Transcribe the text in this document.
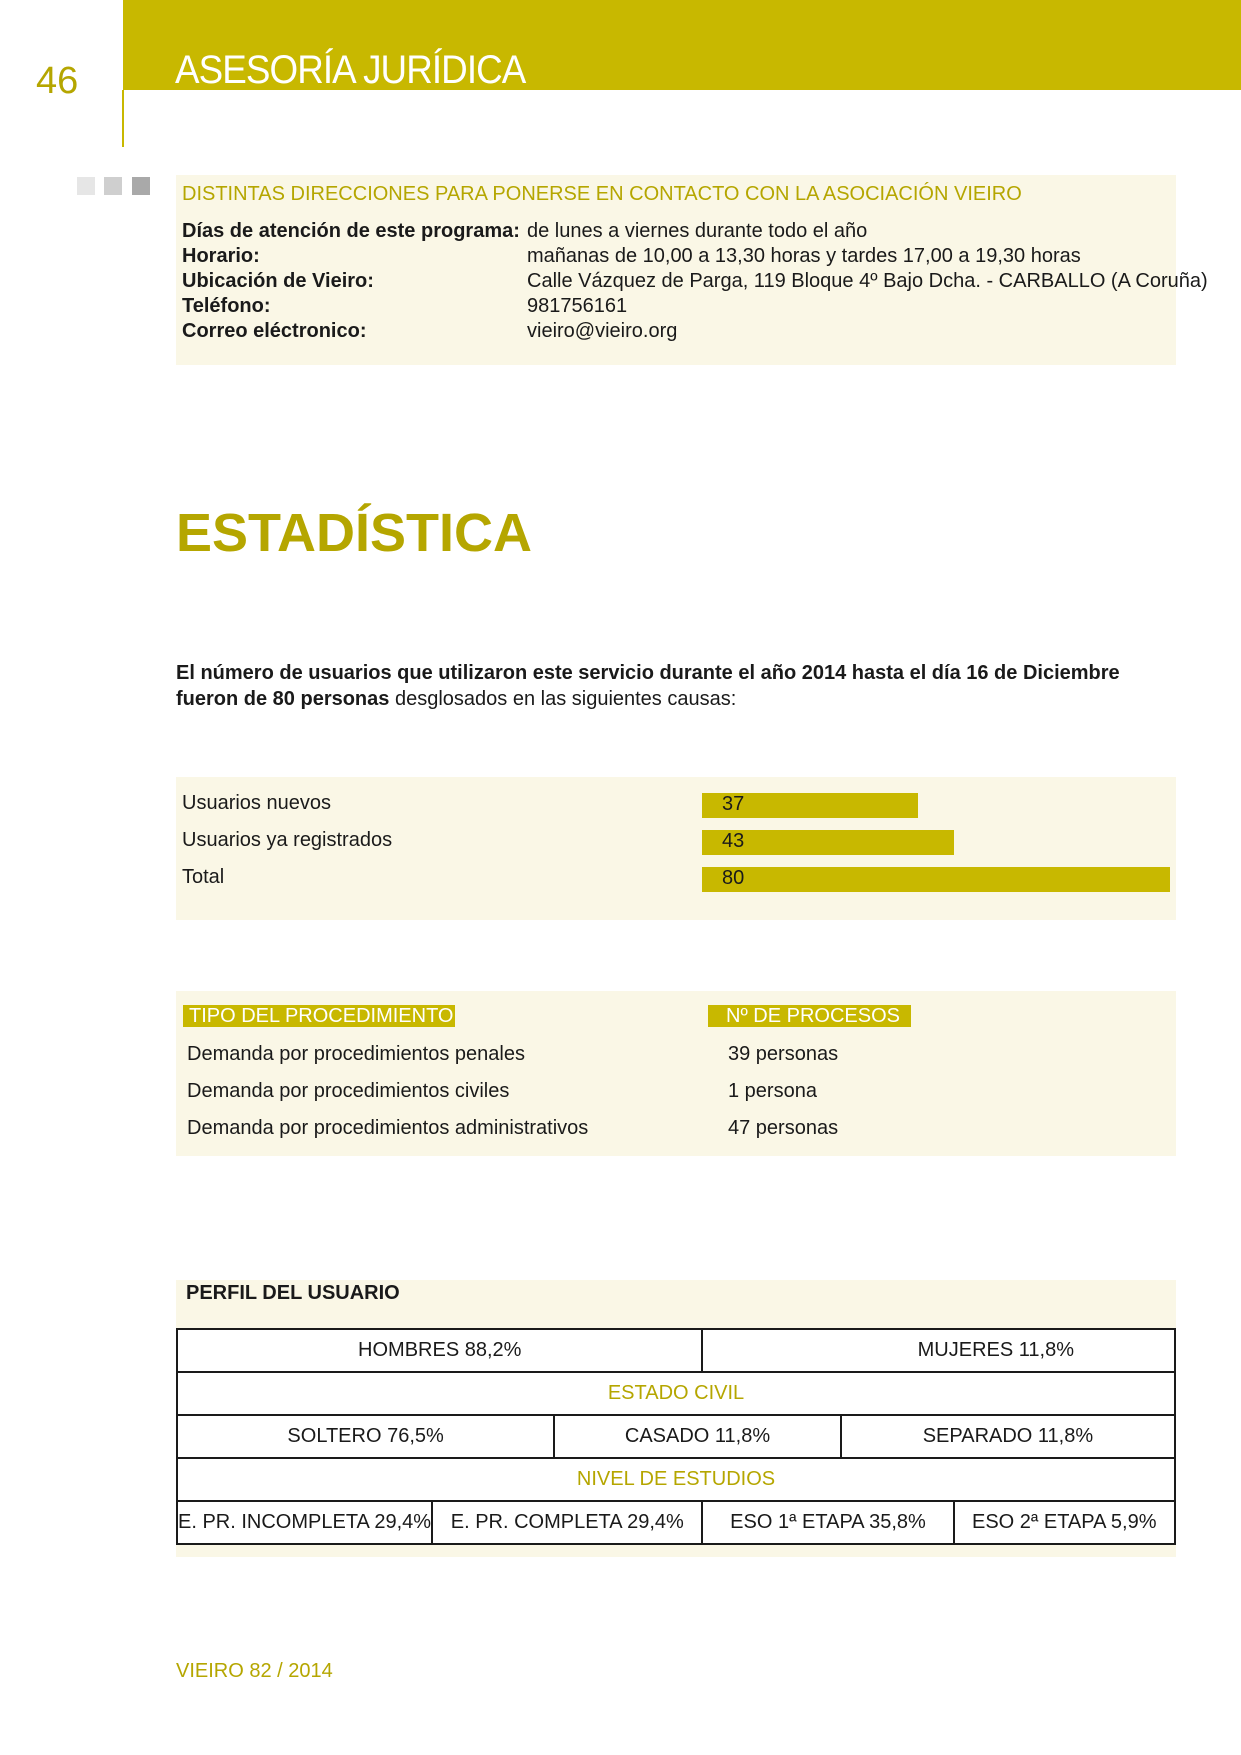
ASESORÍA JURÍDICA
46
DISTINTAS DIRECCIONES PARA PONERSE EN CONTACTO CON LA ASOCIACIÓN VIEIRO
Días de atención de este programa: de lunes a viernes durante todo el año
Horario:	mañanas de 10,00 a 13,30 horas y tardes 17,00 a 19,30 horas
Ubicación de Vieiro:	Calle Vázquez de Parga, 119 Bloque 4º Bajo Dcha. - CARBALLO (A Coruña)
Teléfono:	981756161
Correo eléctronico:	vieiro@vieiro.org
ESTADÍSTICA
El número de usuarios que utilizaron este servicio durante el año 2014 hasta el día 16 de Diciembre fueron de 80 personas desglosados en las siguientes causas:
Usuarios nuevos	37
Usuarios ya registrados	43
Total	80
TIPO DEL PROCEDIMIENTO	Nº DE PROCESOS
Demanda por procedimientos penales	39 personas
Demanda por procedimientos civiles	1 persona
Demanda por procedimientos administrativos	47 personas
PERFIL DEL USUARIO
HOMBRES 88,2%			MUJERES 11,8%		
ESTADO CIVIL					
SOLTERO 76,5%		CASADO 11,8%		SEPARADO 11,8%	
NIVEL DE ESTUDIOS					
E. PR. INCOMPLETA 29,4%	E. PR. COMPLETA 29,4%		ESO 1ª ETAPA 35,8%		ESO 2ª ETAPA 5,9%
VIEIRO 82 / 2014
